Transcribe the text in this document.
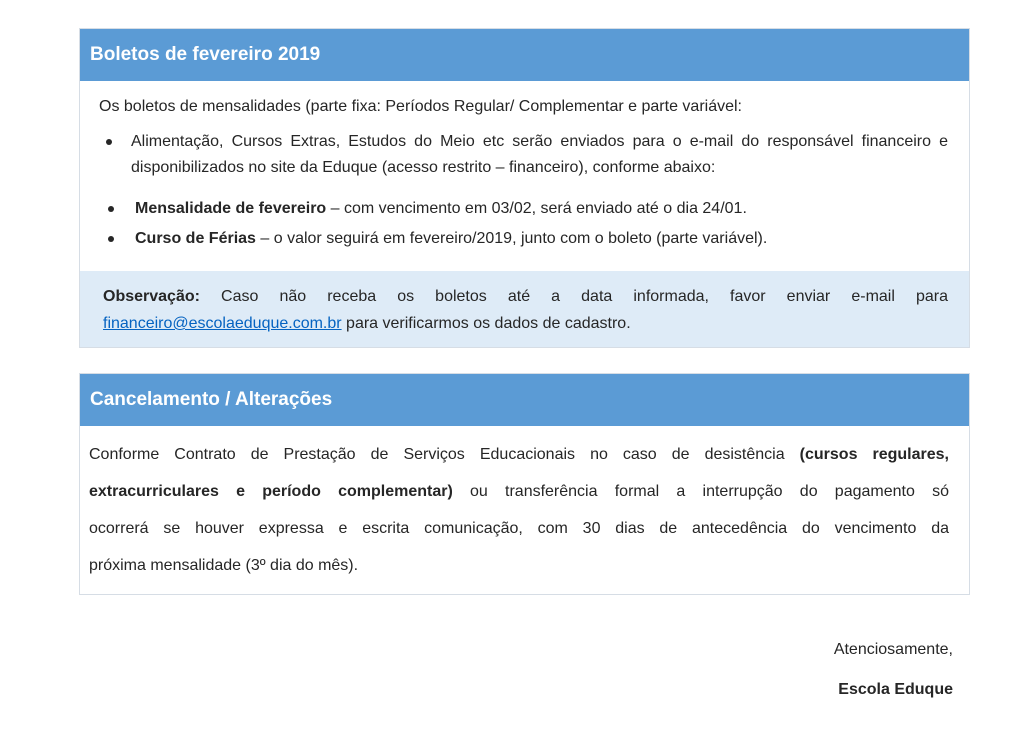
Boletos de fevereiro 2019
Os boletos de mensalidades (parte fixa: Períodos Regular/ Complementar e parte variável:
Alimentação, Cursos Extras, Estudos do Meio etc serão enviados para o e-mail do responsável financeiro e disponibilizados no site da Eduque (acesso restrito – financeiro), conforme abaixo:
Mensalidade de fevereiro – com vencimento em 03/02, será enviado até o dia 24/01.
Curso de Férias – o valor seguirá em fevereiro/2019, junto com o boleto (parte variável).
Observação: Caso não receba os boletos até a data informada, favor enviar e-mail para
financeiro@escolaeduque.com.br para verificarmos os dados de cadastro.
Cancelamento / Alterações
Conforme Contrato de Prestação de Serviços Educacionais no caso de desistência (cursos regulares,
extracurriculares e período complementar) ou transferência formal a interrupção do pagamento só
ocorrerá se houver expressa e escrita comunicação, com 30 dias de antecedência do vencimento da
próxima mensalidade (3º dia do mês).
Atenciosamente,
Escola Eduque
